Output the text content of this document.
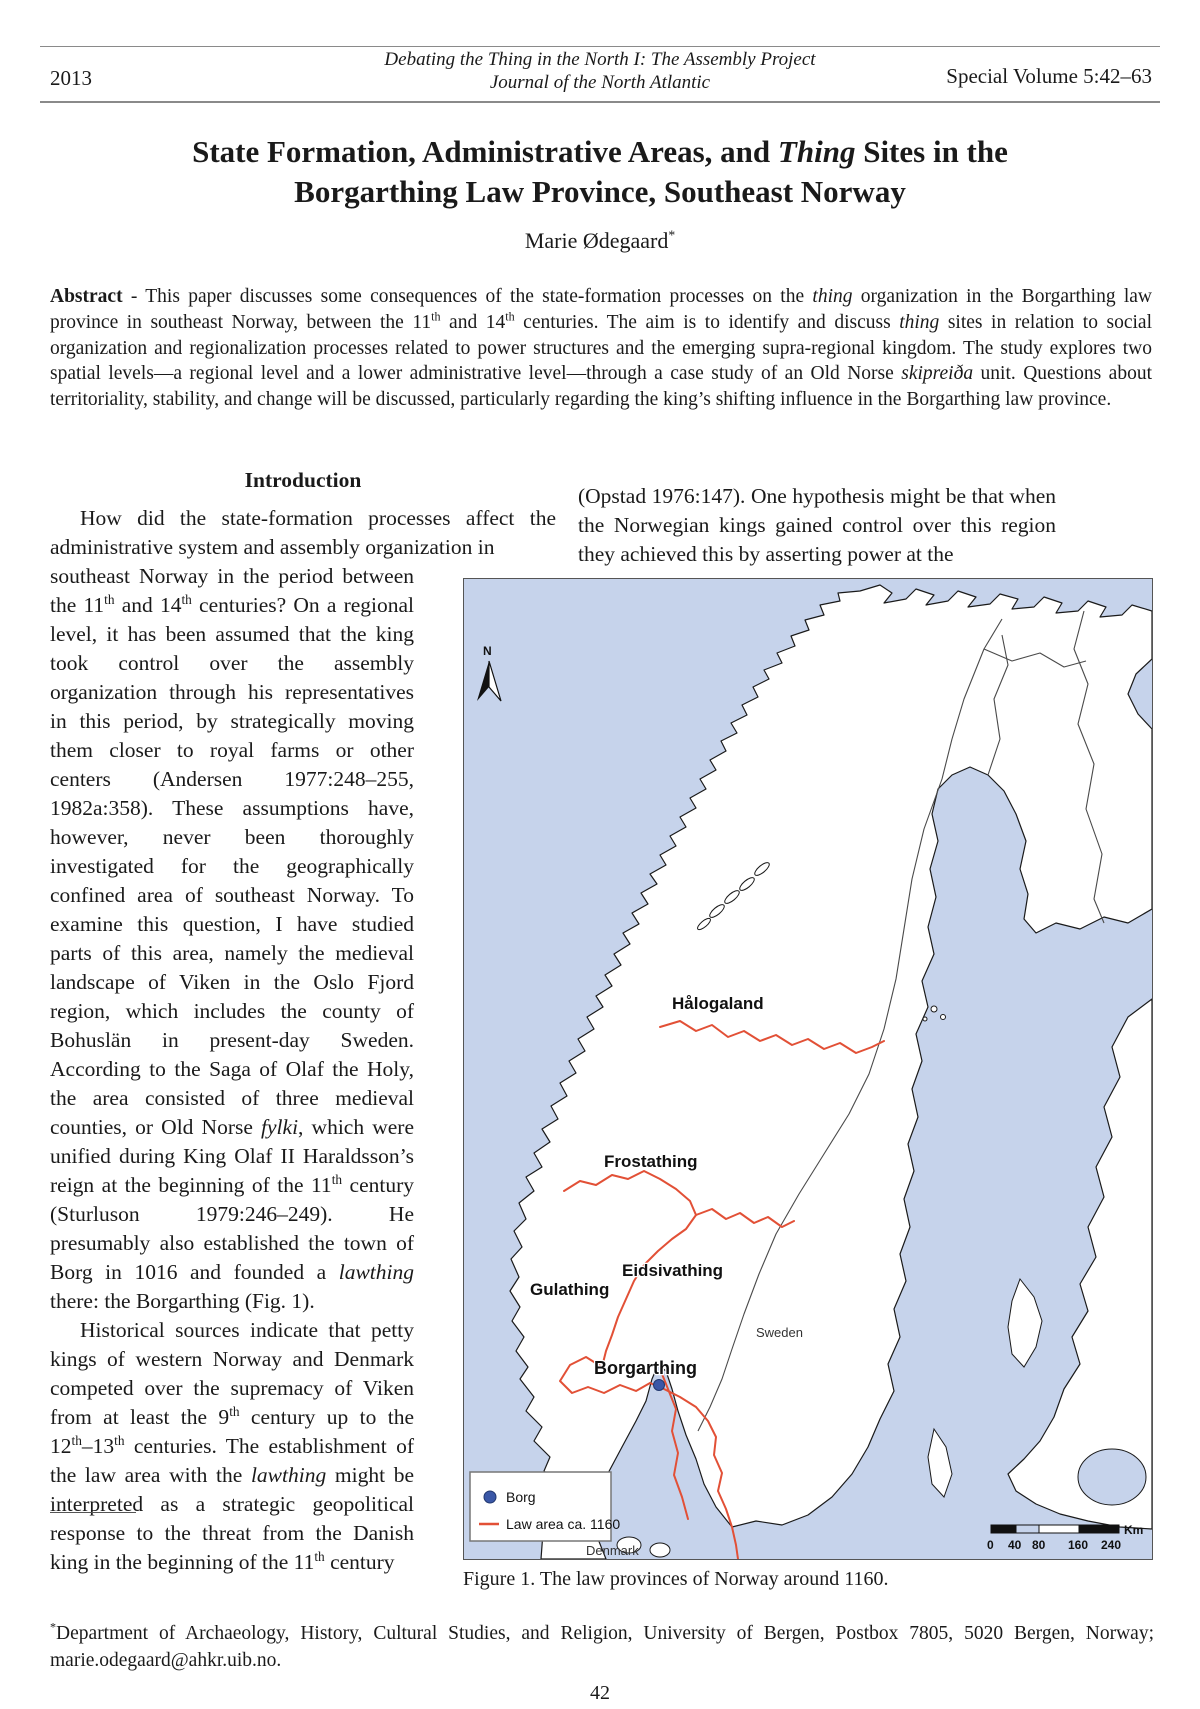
2013
Debating the Thing in the North I: The Assembly Project
Journal of the North Atlantic	Special Volume 5:42–63
State Formation, Administrative Areas, and Thing Sites in the
Borgarthing Law Province, Southeast Norway
Marie Ødegaard*
Abstract - This paper discusses some consequences of the state-formation processes on the thing organization in the Borgarthing law province in southeast Norway, between the 11th and 14th centuries. The aim is to identify and discuss thing sites in relation to social organization and regionalization processes related to power structures and the emerging supra-regional kingdom. The study explores two spatial levels—a regional level and a lower administrative level—through a case study of an Old Norse skipreiða unit. Questions about territoriality, stability, and change will be discussed, particularly regarding the king’s shifting influence in the Borgarthing law province.
Introduction
How did the state-formation processes affect the administrative system and assembly organization in
southeast Norway in the period between the 11th and 14th centuries? On a regional level, it has been assumed that the king took control over the assembly organization through his representatives in this period, by strategically moving them closer to royal farms or other centers (Andersen 1977:248–255, 1982a:358). These assumptions have, however, never been thoroughly investigated for the geographically confined area of southeast Norway. To examine this question, I have studied parts of this area, namely the medieval landscape of Viken in the Oslo Fjord region, which includes the county of Bohuslän in present-day Sweden. According to the Saga of Olaf the Holy, the area consisted of three medieval counties, or Old Norse fylki, which were unified during King Olaf II Haraldsson’s reign at the beginning of the 11th century (Sturluson 1979:246–249). He presumably also established the town of Borg in 1016 and founded a lawthing there: the Borgarthing (Fig. 1).
Historical sources indicate that petty kings of western Norway and Denmark competed over the supremacy of Viken from at least the 9th century up to the 12th–13th centuries. The establishment of the law area with the lawthing might be interpreted as a strategic geopolitical response to the threat from the Danish king in the beginning of the 11th century
(Opstad 1976:147). One hypothesis might be that when the Norwegian kings gained control over this region they achieved this by asserting power at the
Hålogaland
Frostathing
Eidsivathing
Gulathing
Borgarthing
Sweden
Denmark
N
Borg
Law area ca. 1160
0 40 80 160 240
Km
Figure 1. The law provinces of Norway around 1160.
*Department of Archaeology, History, Cultural Studies, and Religion, University of Bergen, Postbox 7805, 5020 Bergen, Norway; marie.odegaard@ahkr.uib.no.
42
